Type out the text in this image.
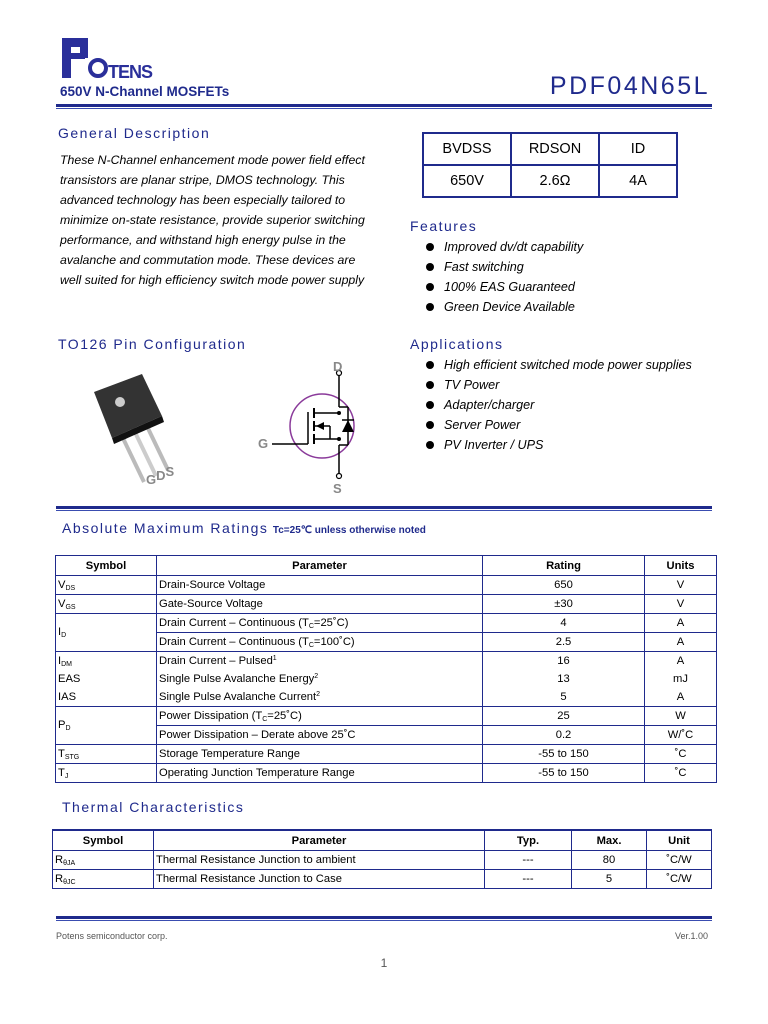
TENS
650V N-Channel MOSFETs	PDF04N65L
General Description
These N-Channel enhancement mode power field effect
transistors are planar stripe, DMOS technology. This
advanced technology has been especially tailored to
minimize on-state resistance, provide superior switching
performance, and withstand high energy pulse in the
avalanche and commutation mode. These devices are
well suited for high efficiency switch mode power supply
BVDSS	RDSON	ID
650V	2.6Ω	4A
Features
Improved dv/dt capability
Fast switching
100% EAS Guaranteed
Green Device Available
TO126 Pin Configuration
GDS
D
G
S
Applications
High efficient switched mode power supplies
TV Power
Adapter/charger
Server Power
PV Inverter / UPS
Absolute Maximum Ratings Tc=25℃ unless otherwise noted
Symbol	Parameter	Rating	Units
$V_{DS}$	Drain-Source Voltage	650	V
$V_{GS}$	Gate-Source Voltage	±30	V
$I_D$	Drain Current – Continuous $(T_C=25˚C)$	4	A
	Drain Current – Continuous $(T_C=100˚C)$	2.5	A
$I_{DM}$	Drain Current – Pulsed$^1$	16	A
EAS	Single Pulse Avalanche Energy$^2$	13	mJ
IAS	Single Pulse Avalanche Current$^2$	5	A
$P_D$	Power Dissipation $(T_C=25˚C)$	25	W
	Power Dissipation – Derate above 25˚C	0.2	W/˚C
$T_{STG}$	Storage Temperature Range	-55 to 150	˚C
$T_J$	Operating Junction Temperature Range	-55 to 150	˚C
Thermal Characteristics
Symbol	Parameter	Typ.	Max.	Unit
$R_{\theta JA}$	Thermal Resistance Junction to ambient	---	80	˚C/W
$R_{\theta JC}$	Thermal Resistance Junction to Case	---	5	˚C/W
Potens semiconductor corp.	Ver.1.00
1
